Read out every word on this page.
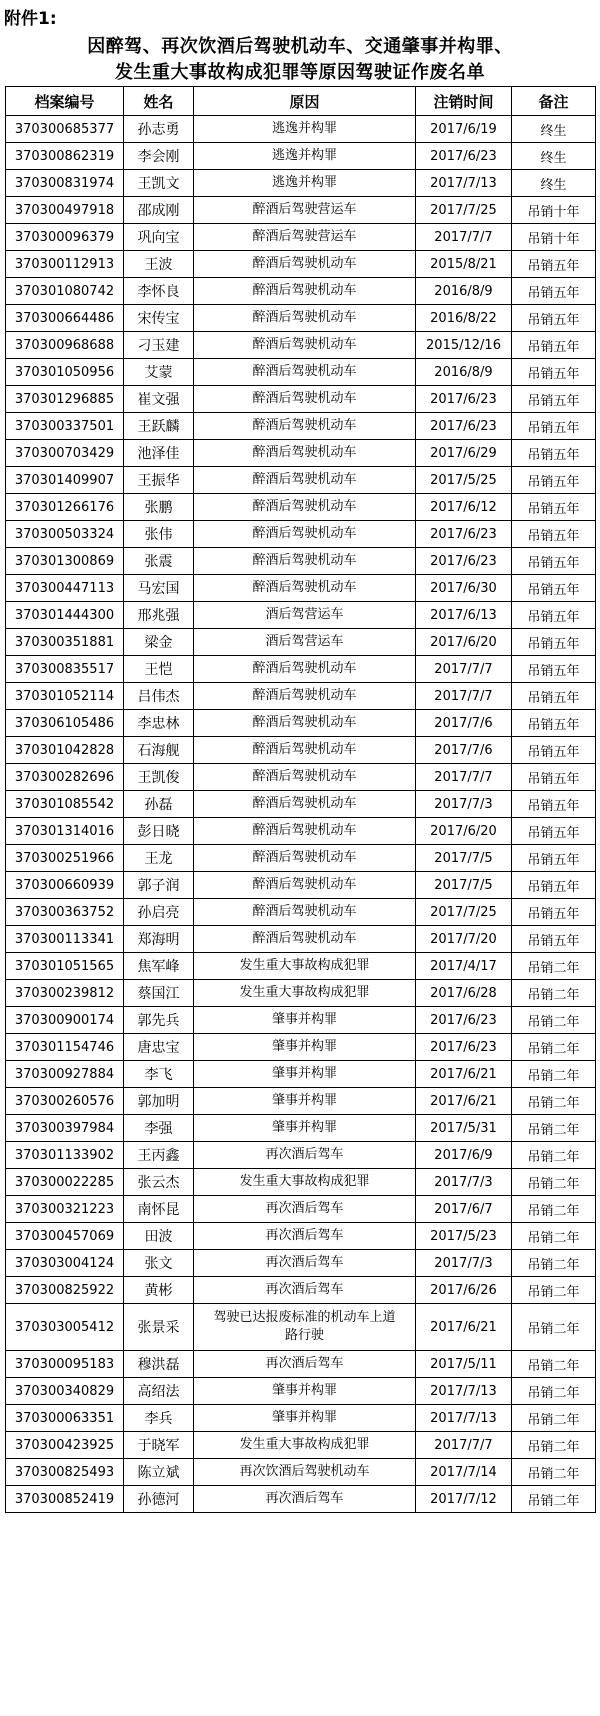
附件1:
因醉驾、再次饮酒后驾驶机动车、交通肇事并构罪、
发生重大事故构成犯罪等原因驾驶证作废名单
档案编号	姓名	原因	注销时间	备注
370300685377	孙志勇	逃逸并构罪	2017/6/19	终生
370300862319	李会刚	逃逸并构罪	2017/6/23	终生
370300831974	王凯文	逃逸并构罪	2017/7/13	终生
370300497918	邵成刚	醉酒后驾驶营运车	2017/7/25	吊销十年
370300096379	巩向宝	醉酒后驾驶营运车	2017/7/7	吊销十年
370300112913	王波	醉酒后驾驶机动车	2015/8/21	吊销五年
370301080742	李怀良	醉酒后驾驶机动车	2016/8/9	吊销五年
370300664486	宋传宝	醉酒后驾驶机动车	2016/8/22	吊销五年
370300968688	刁玉建	醉酒后驾驶机动车	2015/12/16	吊销五年
370301050956	艾蒙	醉酒后驾驶机动车	2016/8/9	吊销五年
370301296885	崔文强	醉酒后驾驶机动车	2017/6/23	吊销五年
370300337501	王跃麟	醉酒后驾驶机动车	2017/6/23	吊销五年
370300703429	池泽佳	醉酒后驾驶机动车	2017/6/29	吊销五年
370301409907	王振华	醉酒后驾驶机动车	2017/5/25	吊销五年
370301266176	张鹏	醉酒后驾驶机动车	2017/6/12	吊销五年
370300503324	张伟	醉酒后驾驶机动车	2017/6/23	吊销五年
370301300869	张震	醉酒后驾驶机动车	2017/6/23	吊销五年
370300447113	马宏国	醉酒后驾驶机动车	2017/6/30	吊销五年
370301444300	邢兆强	酒后驾营运车	2017/6/13	吊销五年
370300351881	梁金	酒后驾营运车	2017/6/20	吊销五年
370300835517	王恺	醉酒后驾驶机动车	2017/7/7	吊销五年
370301052114	吕伟杰	醉酒后驾驶机动车	2017/7/7	吊销五年
370306105486	李忠林	醉酒后驾驶机动车	2017/7/6	吊销五年
370301042828	石海舰	醉酒后驾驶机动车	2017/7/6	吊销五年
370300282696	王凯俊	醉酒后驾驶机动车	2017/7/7	吊销五年
370301085542	孙磊	醉酒后驾驶机动车	2017/7/3	吊销五年
370301314016	彭日晓	醉酒后驾驶机动车	2017/6/20	吊销五年
370300251966	王龙	醉酒后驾驶机动车	2017/7/5	吊销五年
370300660939	郭子润	醉酒后驾驶机动车	2017/7/5	吊销五年
370300363752	孙启亮	醉酒后驾驶机动车	2017/7/25	吊销五年
370300113341	郑海明	醉酒后驾驶机动车	2017/7/20	吊销五年
370301051565	焦军峰	发生重大事故构成犯罪	2017/4/17	吊销二年
370300239812	蔡国江	发生重大事故构成犯罪	2017/6/28	吊销二年
370300900174	郭先兵	肇事并构罪	2017/6/23	吊销二年
370301154746	唐忠宝	肇事并构罪	2017/6/23	吊销二年
370300927884	李飞	肇事并构罪	2017/6/21	吊销二年
370300260576	郭加明	肇事并构罪	2017/6/21	吊销二年
370300397984	李强	肇事并构罪	2017/5/31	吊销二年
370301133902	王丙鑫	再次酒后驾车	2017/6/9	吊销二年
370300022285	张云杰	发生重大事故构成犯罪	2017/7/3	吊销二年
370300321223	南怀昆	再次酒后驾车	2017/6/7	吊销二年
370300457069	田波	再次酒后驾车	2017/5/23	吊销二年
370303004124	张文	再次酒后驾车	2017/7/3	吊销二年
370300825922	黄彬	再次酒后驾车	2017/6/26	吊销二年
370303005412	张景采	驾驶已达报废标准的机动车上道路行驶	2017/6/21	吊销二年
370300095183	穆洪磊	再次酒后驾车	2017/5/11	吊销二年
370300340829	高绍法	肇事并构罪	2017/7/13	吊销二年
370300063351	李兵	肇事并构罪	2017/7/13	吊销二年
370300423925	于晓军	发生重大事故构成犯罪	2017/7/7	吊销二年
370300825493	陈立斌	再次饮酒后驾驶机动车	2017/7/14	吊销二年
370300852419	孙德河	再次酒后驾车	2017/7/12	吊销二年
